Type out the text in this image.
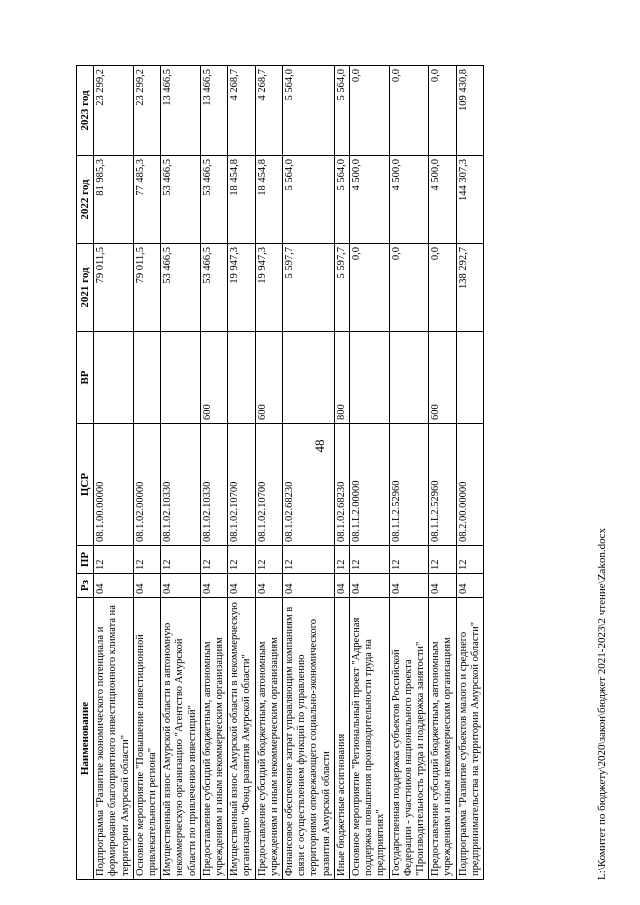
48
Наименование	Рз	ПР	ЦСР	ВР	2021 год	2022 год	2023 год
Подпрограмма "Развитие экономического потенциала и формирование благоприятного инвестиционного климата на территории Амурской области"	04	12	08.1.00.00000		79 011,5	81 985,3	23 299,2
Основное мероприятие "Повышение инвестиционной привлекательности региона"	04	12	08.1.02.00000		79 011,5	77 485,3	23 299,2
Имущественный взнос Амурской области в автономную некоммерческую организацию "Агентство Амурской области по привлечению инвестиций"	04	12	08.1.02.10330		53 466,5	53 466,5	13 466,5
Предоставление субсидий бюджетным, автономным учреждениям и иным некоммерческим организациям	04	12	08.1.02.10330	600	53 466,5	53 466,5	13 466,5
Имущественный взнос Амурской области в некоммерческую организацию "Фонд развития Амурской области"	04	12	08.1.02.10700		19 947,3	18 454,8	4 268,7
Предоставление субсидий бюджетным, автономным учреждениям и иным некоммерческим организациям	04	12	08.1.02.10700	600	19 947,3	18 454,8	4 268,7
Финансовое обеспечение затрат управляющим компаниям в связи с осуществлением функций по управлению территориями опережающего социально-экономического развития Амурской области	04	12	08.1.02.68230		5 597,7	5 564,0	5 564,0
Иные бюджетные ассигнования	04	12	08.1.02.68230	800	5 597,7	5 564,0	5 564,0
Основное мероприятие "Региональный проект "Адресная поддержка повышения производительности труда на предприятиях"	04	12	08.1.L2.00000		0,0	4 500,0	0,0
Государственная поддержка субъектов Российской Федерации - участников национального проекта "Производительность труда и поддержка занятости"	04	12	08.1.L2.52960		0,0	4 500,0	0,0
Предоставление субсидий бюджетным, автономным учреждениям и иным некоммерческим организациям	04	12	08.1.L2.52960	600	0,0	4 500,0	0,0
Подпрограмма "Развитие субъектов малого и среднего предпринимательства на территории Амурской области"	04	12	08.2.00.00000		138 292,7	144 307,3	109 430,8
L:\Комитет по бюджету\2020\закон\бюджет 2021-2023\2 чтение\Zakon.docx
